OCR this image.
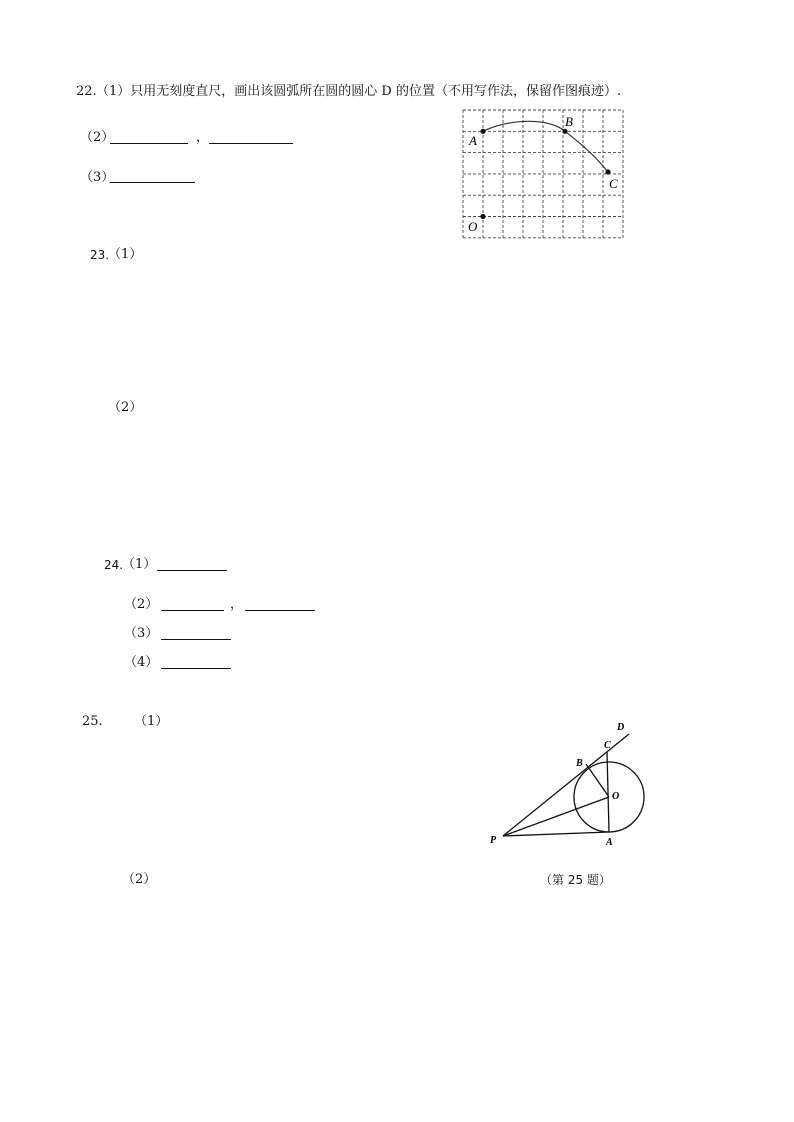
22. （1）只用无刻度直尺，画出该圆弧所在圆的圆心 D 的位置（不用写作法，保留作图痕迹）.
（2）	，
（3）
A
B
C
O
23.
（1）
（2）
24.
（1）
（2）	，
（3）
（4）
25. （1）
（2）
D
C
B
O
P	A
（第 25 题）
